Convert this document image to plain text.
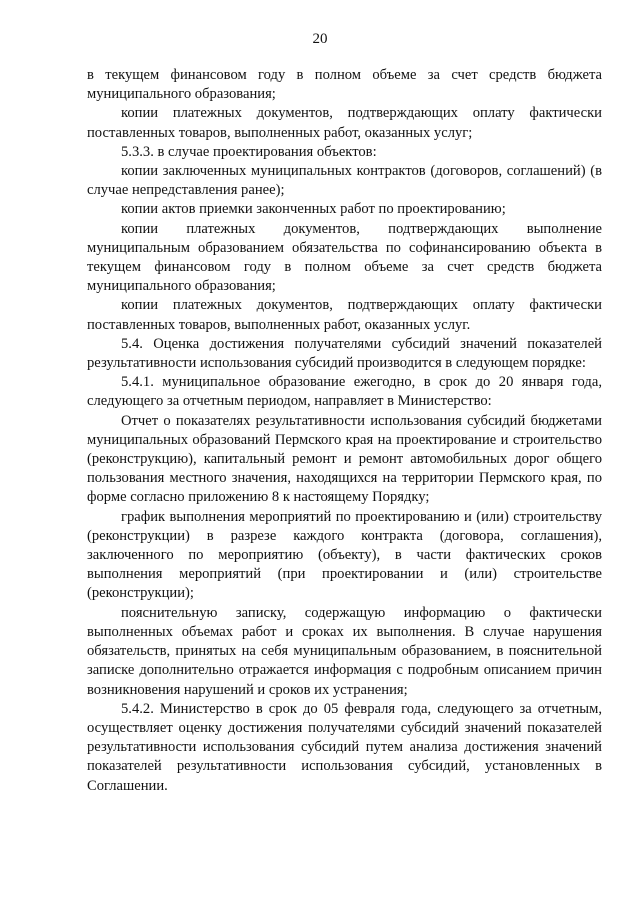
20

в текущем финансовом году в полном объеме за счет средств бюджета муниципального образования;

копии платежных документов, подтверждающих оплату фактически поставленных товаров, выполненных работ, оказанных услуг;

5.3.3. в случае проектирования объектов:

копии заключенных муниципальных контрактов (договоров, соглашений) (в случае непредставления ранее);

копии актов приемки законченных работ по проектированию;

копии платежных документов, подтверждающих выполнение муниципальным образованием обязательства по софинансированию объекта в текущем финансовом году в полном объеме за счет средств бюджета муниципального образования;

копии платежных документов, подтверждающих оплату фактически поставленных товаров, выполненных работ, оказанных услуг.

5.4. Оценка достижения получателями субсидий значений показателей результативности использования субсидий производится в следующем порядке:

5.4.1. муниципальное образование ежегодно, в срок до 20 января года, следующего за отчетным периодом, направляет в Министерство:

Отчет о показателях результативности использования субсидий бюджетами муниципальных образований Пермского края на проектирование и строительство (реконструкцию), капитальный ремонт и ремонт автомобильных дорог общего пользования местного значения, находящихся на территории Пермского края, по форме согласно приложению 8 к настоящему Порядку;

график выполнения мероприятий по проектированию и (или) строительству (реконструкции) в разрезе каждого контракта (договора, соглашения), заключенного по мероприятию (объекту), в части фактических сроков выполнения мероприятий (при проектировании и (или) строительстве (реконструкции);

пояснительную записку, содержащую информацию о фактически выполненных объемах работ и сроках их выполнения. В случае нарушения обязательств, принятых на себя муниципальным образованием, в пояснительной записке дополнительно отражается информация с подробным описанием причин возникновения нарушений и сроков их устранения;

5.4.2. Министерство в срок до 05 февраля года, следующего за отчетным, осуществляет оценку достижения получателями субсидий значений показателей результативности использования субсидий путем анализа достижения значений показателей результативности использования субсидий, установленных в Соглашении.
